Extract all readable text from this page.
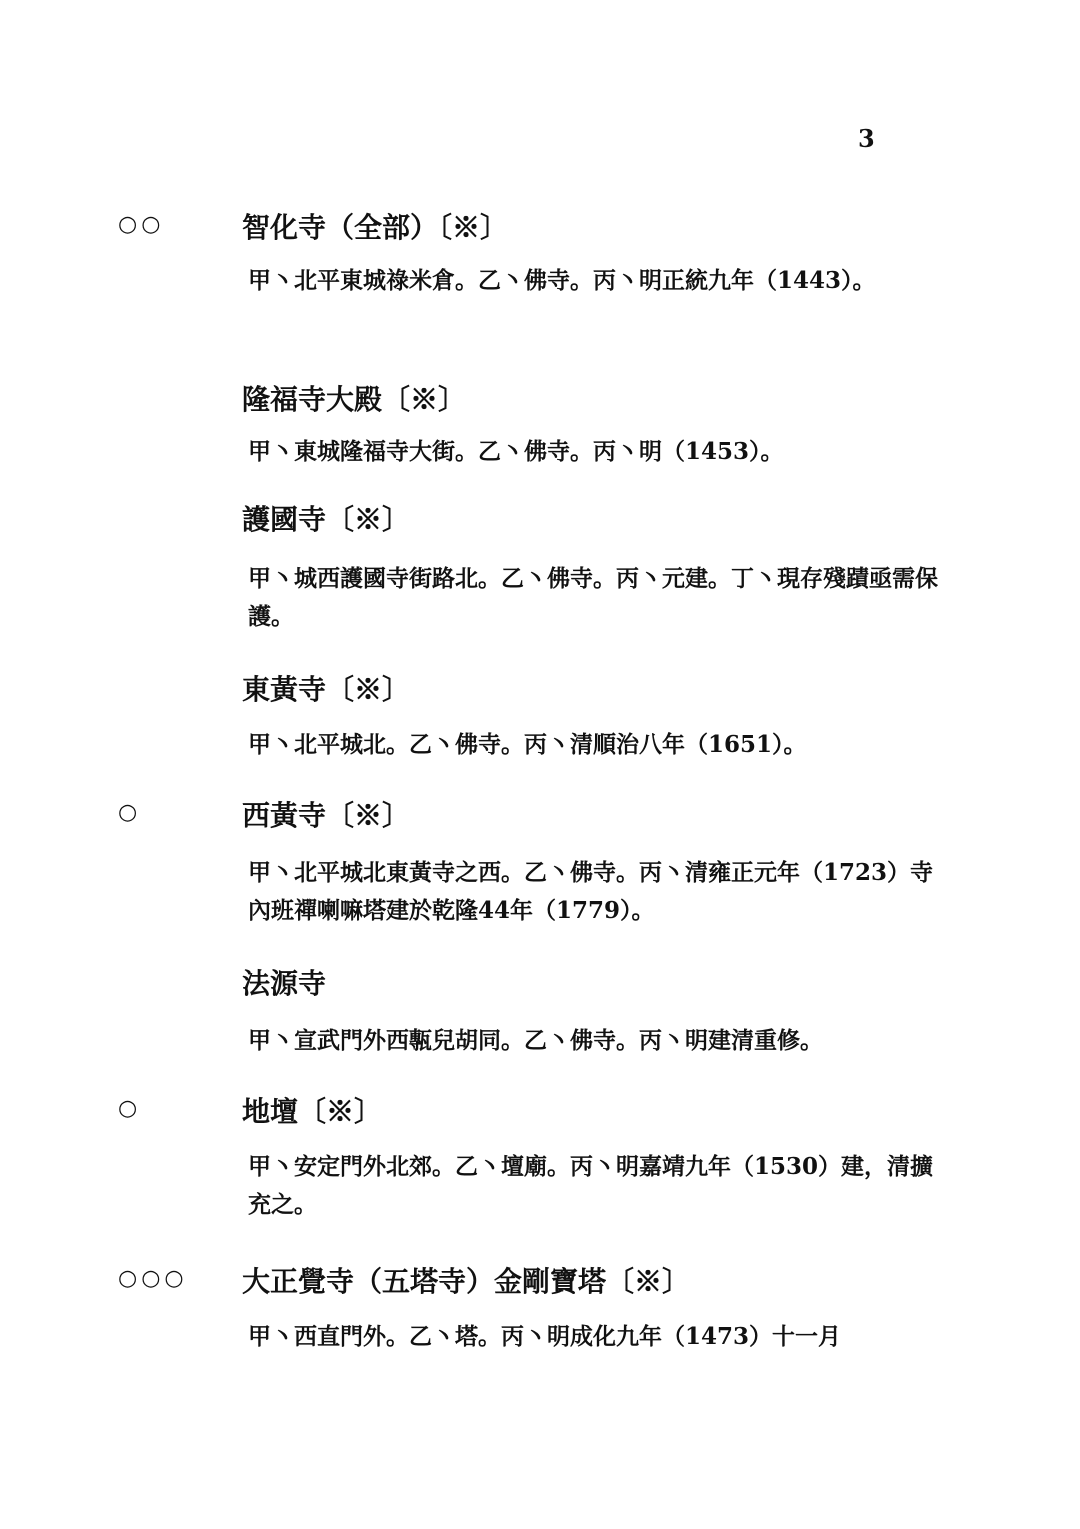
3
○○	智化寺（全部）〔※〕
甲丶北平東城祿米倉。乙丶佛寺。丙丶明正統九年（1443）。
隆福寺大殿〔※〕
甲丶東城隆福寺大街。乙丶佛寺。丙丶明（1453）。
護國寺〔※〕
甲丶城西護國寺街路北。乙丶佛寺。丙丶元建。丁丶現存殘蹟亟需保護。
東黃寺〔※〕
甲丶北平城北。乙丶佛寺。丙丶清順治八年（1651）。
○	西黃寺〔※〕
甲丶北平城北東黃寺之西。乙丶佛寺。丙丶清雍正元年（1723）寺內班禪喇嘛塔建於乾隆44年（1779）。
法源寺
甲丶宣武門外西甎兒胡同。乙丶佛寺。丙丶明建清重修。
○	地壇〔※〕
甲丶安定門外北郊。乙丶壇廟。丙丶明嘉靖九年（1530）建，清擴充之。
○○○ 大正覺寺（五塔寺）金剛寶塔〔※〕
甲丶西直門外。乙丶塔。丙丶明成化九年（1473）十一月
